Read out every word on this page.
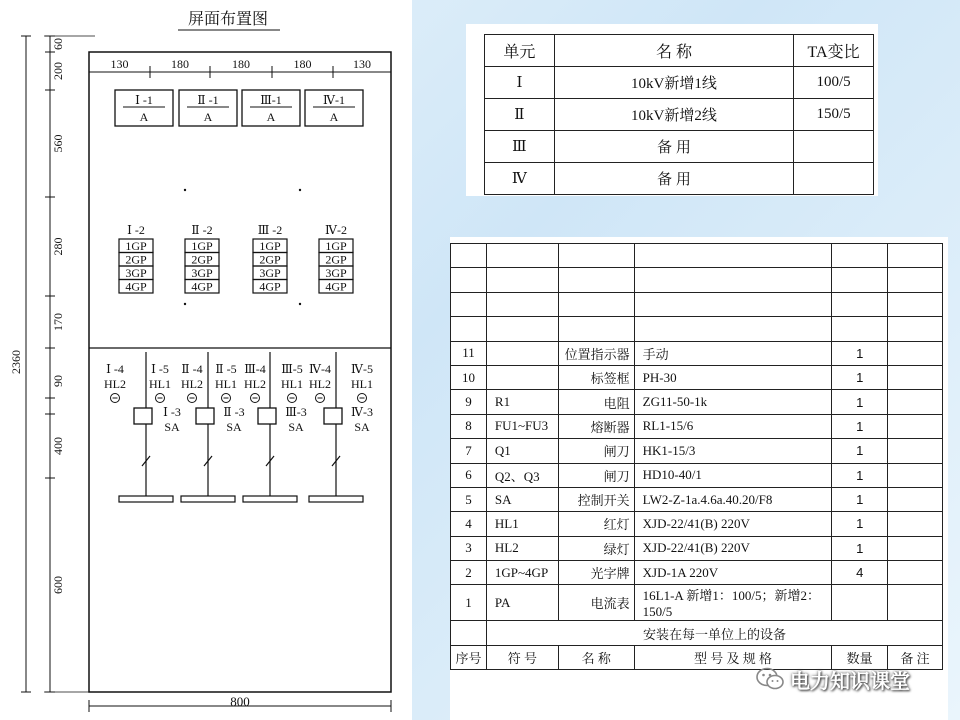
屏面布置图
130	180	180	180	130
60
200
560
280
170
90
400
600
2360
800
Ⅰ -1
A
Ⅱ -1
A
Ⅲ-1
A
Ⅳ-1
A
Ⅰ -2
1GP
2GP
3GP
4GP
Ⅱ -2
1GP
2GP
3GP
4GP
Ⅲ -2
1GP
2GP
3GP
4GP
Ⅳ-2
1GP
2GP
3GP
4GP
Ⅰ -4
HL2
Ⅰ -5
HL1
Ⅱ -4
HL2
Ⅱ -5
HL1
Ⅲ-4
HL2
Ⅲ-5
HL1
Ⅳ-4
HL2
Ⅳ-5
HL1
Ⅰ -3
SA
Ⅱ -3
SA
Ⅲ-3
SA
Ⅳ-3
SA
单元	名 称	TA变比
Ⅰ	10kV新增1线	100/5
Ⅱ	10kV新增2线	150/5
Ⅲ	备 用	
Ⅳ	备 用	

11		位置指示器	手动	1	
10		标签框	PH-30	1	
9	R1	电阻	ZG11-50-1k	1	
8	FU1~FU3	熔断器	RL1-15/6	1	
7	Q1	闸刀	HK1-15/3	1	
6	Q2、Q3	闸刀	HD10-40/1	1	
5	SA	控制开关	LW2-Z-1a.4.6a.40.20/F8	1	
4	HL1	红灯	XJD-22/41(B) 220V	1	
3	HL2	绿灯	XJD-22/41(B) 220V	1	
2	1GP~4GP	光字牌	XJD-1A 220V	4	
1	PA	电流表	16L1-A 新增1：100/5；新增2：150/5		
	安装在每一单位上的设备				
序号	符 号	名 称	型 号 及 规 格	数量	备 注
电力知识课堂
